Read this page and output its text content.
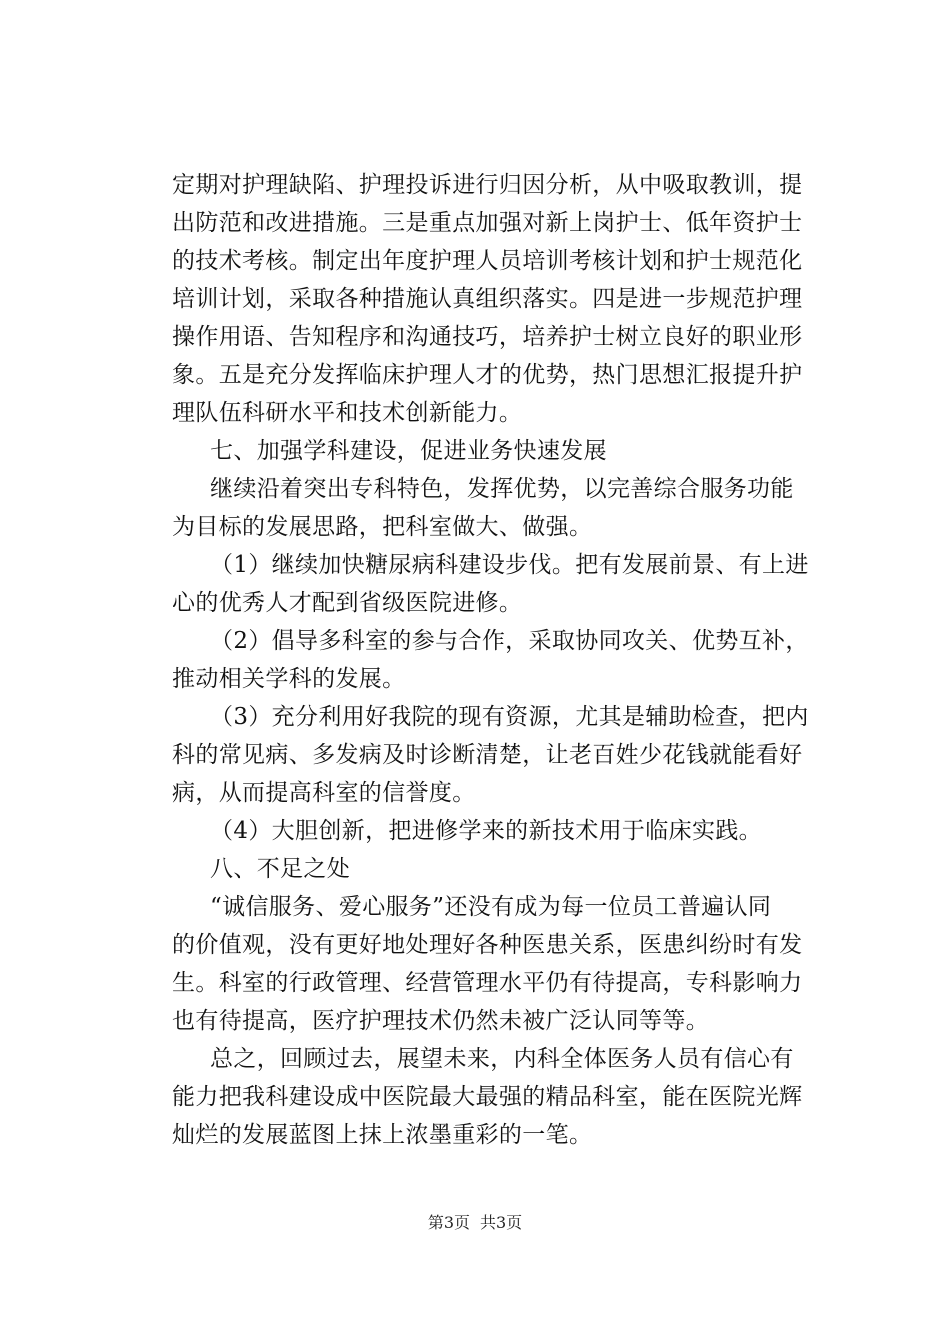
定期对护理缺陷、护理投诉进行归因分析，从中吸取教训，提
出防范和改进措施。三是重点加强对新上岗护士、低年资护士
的技术考核。制定出年度护理人员培训考核计划和护士规范化
培训计划，采取各种措施认真组织落实。四是进一步规范护理
操作用语、告知程序和沟通技巧，培养护士树立良好的职业形
象。五是充分发挥临床护理人才的优势，热门思想汇报提升护
理队伍科研水平和技术创新能力。
七、加强学科建设，促进业务快速发展
继续沿着突出专科特色，发挥优势，以完善综合服务功能
为目标的发展思路，把科室做大、做强。
（1）继续加快糖尿病科建设步伐。把有发展前景、有上进
心的优秀人才配到省级医院进修。
（2）倡导多科室的参与合作，采取协同攻关、优势互补，
推动相关学科的发展。
（3）充分利用好我院的现有资源，尤其是辅助检查，把内
科的常见病、多发病及时诊断清楚，让老百姓少花钱就能看好
病，从而提高科室的信誉度。
（4）大胆创新，把进修学来的新技术用于临床实践。
八、不足之处
“诚信服务、爱心服务”还没有成为每一位员工普遍认同
的价值观，没有更好地处理好各种医患关系，医患纠纷时有发
生。科室的行政管理、经营管理水平仍有待提高，专科影响力
也有待提高，医疗护理技术仍然未被广泛认同等等。
总之，回顾过去，展望未来，内科全体医务人员有信心有
能力把我科建设成中医院最大最强的精品科室，能在医院光辉
灿烂的发展蓝图上抹上浓墨重彩的一笔。
第3页 共3页
